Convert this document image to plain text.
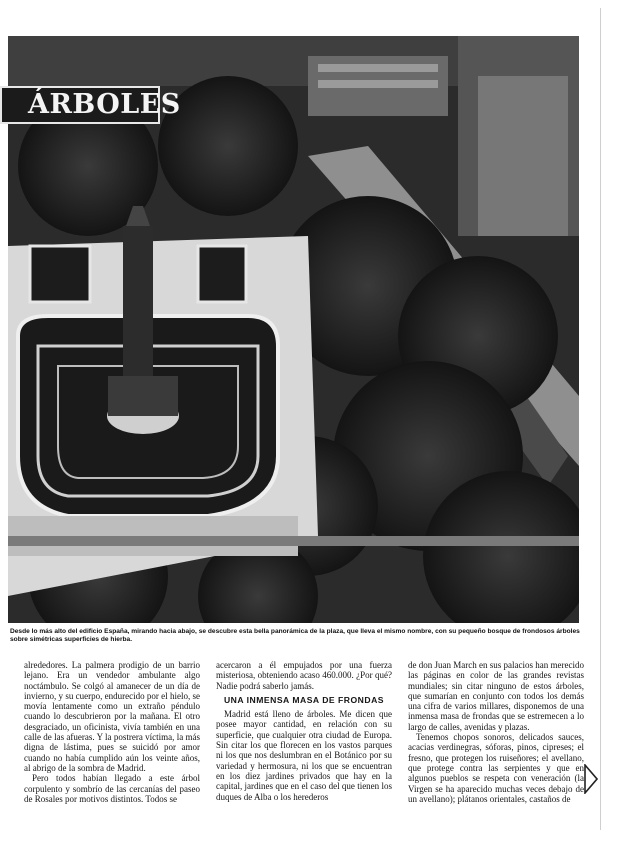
ÁRBOLES

Desde lo más alto del edificio España, mirando hacia abajo, se descubre esta bella panorámica de la plaza, que lleva el mismo nombre, con su pequeño bosque de frondosos árboles sobre simétricas superficies de hierba.

alrededores. La palmera prodigio de un barrio lejano. Era un vendedor ambulante algo noctámbulo. Se colgó al amanecer de un día de invierno, y su cuerpo, endurecido por el hielo, se movía lentamente como un extraño péndulo cuando lo descubrieron por la mañana. El otro desgraciado, un oficinista, vivía también en una calle de las afueras. Y la postrera víctima, la más digna de lástima, pues se suicidó por amor cuando no había cumplido aún los veinte años, al abrigo de la sombra de Madrid.

Pero todos habían llegado a este árbol corpulento y sombrío de las cercanías del paseo de Rosales por motivos distintos. Todos se

acercaron a él empujados por una fuerza misteriosa, obteniendo acaso 460.000. ¿Por qué? Nadie podrá saberlo jamás.

UNA INMENSA MASA DE FRONDAS

Madrid está lleno de árboles. Me dicen que posee mayor cantidad, en relación con su superficie, que cualquier otra ciudad de Europa. Sin citar los que florecen en los vastos parques ni los que nos deslumbran en el Botánico por su variedad y hermosura, ni los que se encuentran en los diez jardines privados que hay en la capital, jardines que en el caso del que tienen los duques de Alba o los herederos

de don Juan March en sus palacios han merecido las páginas en color de las grandes revistas mundiales; sin citar ninguno de estos árboles, que sumarían en conjunto con todos los demás una cifra de varios millares, disponemos de una inmensa masa de frondas que se estremecen a lo largo de calles, avenidas y plazas.

Tenemos chopos sonoros, delicados sauces, acacias verdinegras, sóforas, pinos, cipreses; el fresno, que protegen los ruiseñores; el avellano, que protege contra las serpientes y que en algunos pueblos se respeta con veneración (la Virgen se ha aparecido muchas veces debajo de un avellano); plátanos orientales, castaños de
